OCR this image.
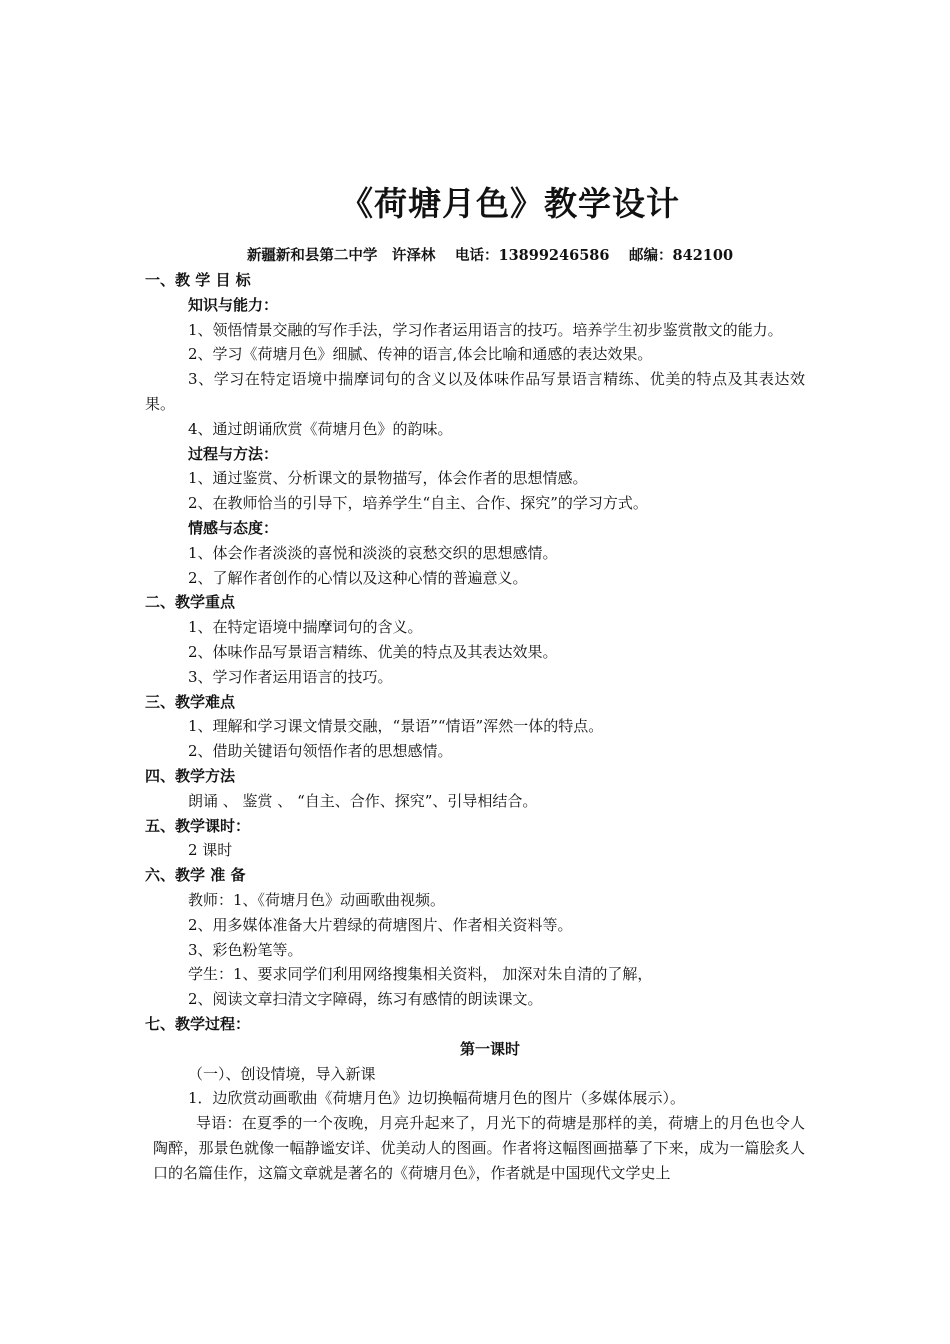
《荷塘月色》教学设计
新疆新和县第二中学　许泽林　 电话：13899246586 　邮编：842100
一、教 学 目 标
知识与能力：
1、领悟情景交融的写作手法，学习作者运用语言的技巧。培养学生初步鉴赏散文的能力。
2、学习《荷塘月色》细腻、传神的语言,体会比喻和通感的表达效果。
3、学习在特定语境中揣摩词句的含义以及体味作品写景语言精练、优美的特点及其表达效果。
4、通过朗诵欣赏《荷塘月色》的韵味。
过程与方法：
1、通过鉴赏、分析课文的景物描写，体会作者的思想情感。
2、在教师恰当的引导下，培养学生“自主、合作、探究”的学习方式。
情感与态度：
1、体会作者淡淡的喜悦和淡淡的哀愁交织的思想感情。
2、了解作者创作的心情以及这种心情的普遍意义。
二、教学重点
1、在特定语境中揣摩词句的含义。
2、体味作品写景语言精练、优美的特点及其表达效果。
3、学习作者运用语言的技巧。
三、教学难点
1、理解和学习课文情景交融，“景语”“情语”浑然一体的特点。
2、借助关键语句领悟作者的思想感情。
四、教学方法
朗诵 、 鉴赏 、 “自主、合作、探究”、引导相结合。
五、教学课时：
2 课时
六、教学 准 备
教师：1、《荷塘月色》动画歌曲视频。
2、用多媒体准备大片碧绿的荷塘图片、作者相关资料等。
3、彩色粉笔等。
学生：1、要求同学们利用网络搜集相关资料， 加深对朱自清的了解，
2、阅读文章扫清文字障碍，练习有感情的朗读课文。
七、教学过程：
第一课时
（一）、创设情境，导入新课
1．边欣赏动画歌曲《荷塘月色》边切换幅荷塘月色的图片（多媒体展示）。
导语：在夏季的一个夜晚，月亮升起来了，月光下的荷塘是那样的美，荷塘上的月色也令人陶醉，那景色就像一幅静谧安详、优美动人的图画。作者将这幅图画描摹了下来，成为一篇脍炙人口的名篇佳作，这篇文章就是著名的《荷塘月色》，作者就是中国现代文学史上
